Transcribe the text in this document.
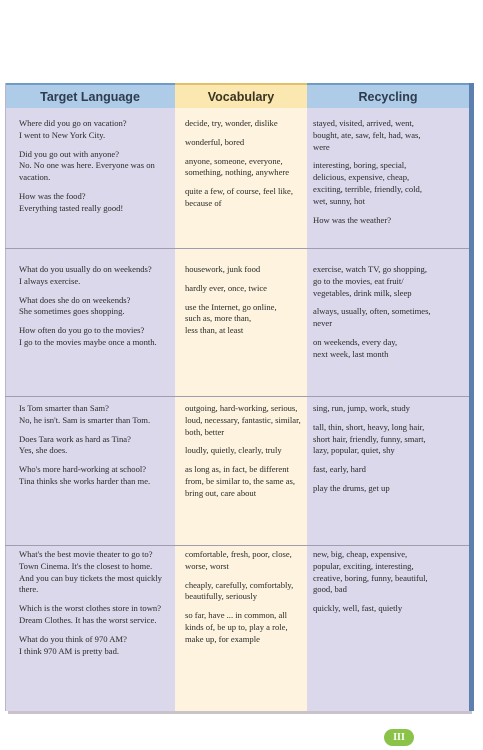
Target Language	Vocabulary	Recycling

Where did you go on vacation?
I went to New York City.

Did you go out with anyone?
No. No one was here. Everyone was on
vacation.

How was the food?
Everything tasted really good!

decide, try, wonder, dislike

wonderful, bored

anyone, someone, everyone,
something, nothing, anywhere

quite a few, of course, feel like,
because of

stayed, visited, arrived, went,
bought, ate, saw, felt, had, was,
were

interesting, boring, special,
delicious, expensive, cheap,
exciting, terrible, friendly, cold,
wet, sunny, hot

How was the weather?

What do you usually do on weekends?
I always exercise.

What does she do on weekends?
She sometimes goes shopping.

How often do you go to the movies?
I go to the movies maybe once a month.

housework, junk food

hardly ever, once, twice

use the Internet, go online,
such as, more than,
less than, at least

exercise, watch TV, go shopping,
go to the movies, eat fruit/
vegetables, drink milk, sleep

always, usually, often, sometimes,
never

on weekends, every day,
next week, last month

Is Tom smarter than Sam?
No, he isn't. Sam is smarter than Tom.

Does Tara work as hard as Tina?
Yes, she does.

Who's more hard-working at school?
Tina thinks she works harder than me.

outgoing, hard-working, serious,
loud, necessary, fantastic, similar,
both, better

loudly, quietly, clearly, truly

as long as, in fact, be different
from, be similar to, the same as,
bring out, care about

sing, run, jump, work, study

tall, thin, short, heavy, long hair,
short hair, friendly, funny, smart,
lazy, popular, quiet, shy

fast, early, hard

play the drums, get up

What's the best movie theater to go to?
Town Cinema. It's the closest to home.
And you can buy tickets the most quickly
there.

Which is the worst clothes store in town?
Dream Clothes. It has the worst service.

What do you think of 970 AM?
I think 970 AM is pretty bad.

comfortable, fresh, poor, close,
worse, worst

cheaply, carefully, comfortably,
beautifully, seriously

so far, have ... in common, all
kinds of, be up to, play a role,
make up, for example

new, big, cheap, expensive,
popular, exciting, interesting,
creative, boring, funny, beautiful,
good, bad

quickly, well, fast, quietly

III
